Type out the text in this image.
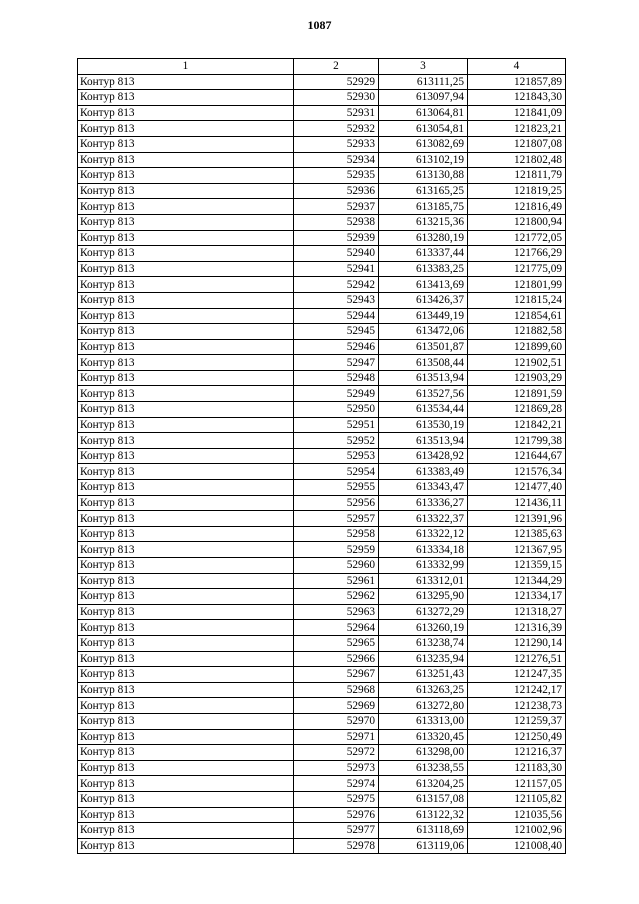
1087
1	2	3	4
Контур 813	52929	613111,25	121857,89
Контур 813	52930	613097,94	121843,30
Контур 813	52931	613064,81	121841,09
Контур 813	52932	613054,81	121823,21
Контур 813	52933	613082,69	121807,08
Контур 813	52934	613102,19	121802,48
Контур 813	52935	613130,88	121811,79
Контур 813	52936	613165,25	121819,25
Контур 813	52937	613185,75	121816,49
Контур 813	52938	613215,36	121800,94
Контур 813	52939	613280,19	121772,05
Контур 813	52940	613337,44	121766,29
Контур 813	52941	613383,25	121775,09
Контур 813	52942	613413,69	121801,99
Контур 813	52943	613426,37	121815,24
Контур 813	52944	613449,19	121854,61
Контур 813	52945	613472,06	121882,58
Контур 813	52946	613501,87	121899,60
Контур 813	52947	613508,44	121902,51
Контур 813	52948	613513,94	121903,29
Контур 813	52949	613527,56	121891,59
Контур 813	52950	613534,44	121869,28
Контур 813	52951	613530,19	121842,21
Контур 813	52952	613513,94	121799,38
Контур 813	52953	613428,92	121644,67
Контур 813	52954	613383,49	121576,34
Контур 813	52955	613343,47	121477,40
Контур 813	52956	613336,27	121436,11
Контур 813	52957	613322,37	121391,96
Контур 813	52958	613322,12	121385,63
Контур 813	52959	613334,18	121367,95
Контур 813	52960	613332,99	121359,15
Контур 813	52961	613312,01	121344,29
Контур 813	52962	613295,90	121334,17
Контур 813	52963	613272,29	121318,27
Контур 813	52964	613260,19	121316,39
Контур 813	52965	613238,74	121290,14
Контур 813	52966	613235,94	121276,51
Контур 813	52967	613251,43	121247,35
Контур 813	52968	613263,25	121242,17
Контур 813	52969	613272,80	121238,73
Контур 813	52970	613313,00	121259,37
Контур 813	52971	613320,45	121250,49
Контур 813	52972	613298,00	121216,37
Контур 813	52973	613238,55	121183,30
Контур 813	52974	613204,25	121157,05
Контур 813	52975	613157,08	121105,82
Контур 813	52976	613122,32	121035,56
Контур 813	52977	613118,69	121002,96
Контур 813	52978	613119,06	121008,40
